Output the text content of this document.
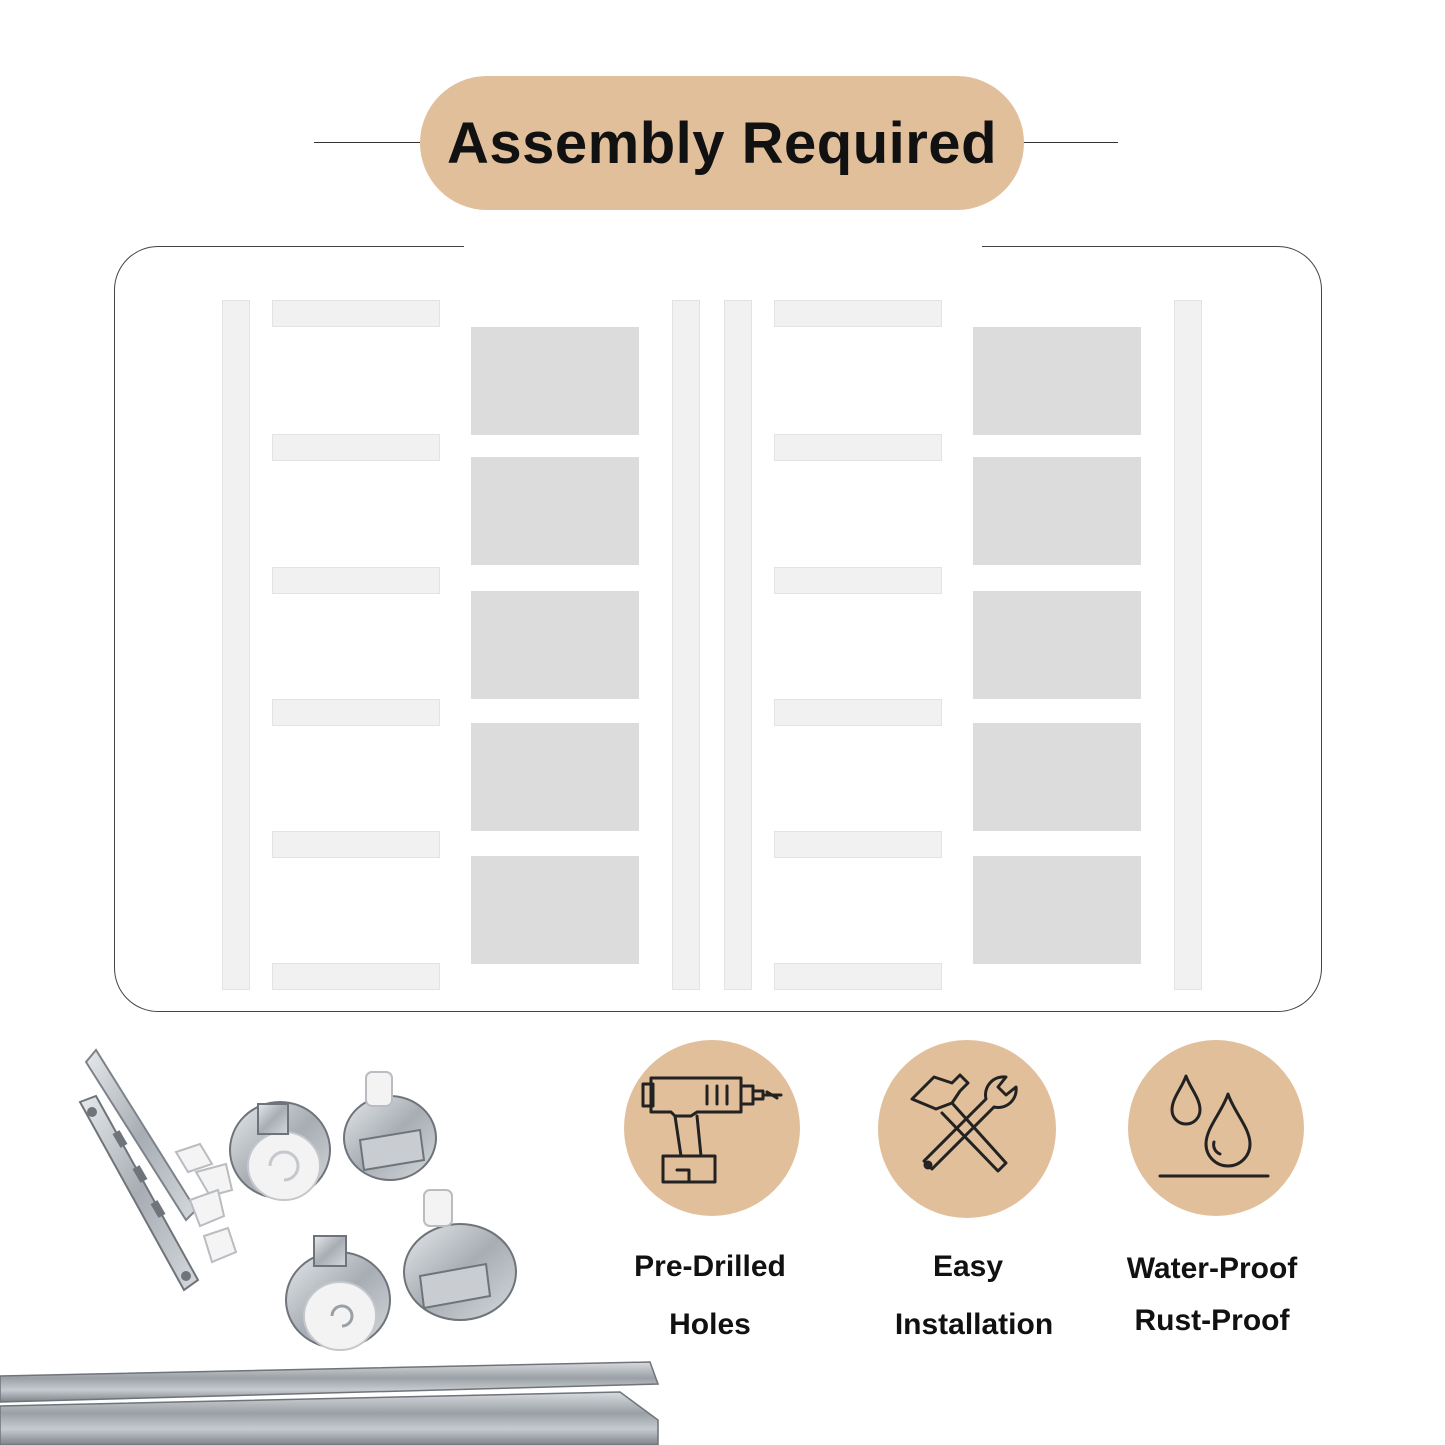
Assembly Required
Pre-Drilled
Holes
Easy
Installation
Water-Proof
Rust-Proof
